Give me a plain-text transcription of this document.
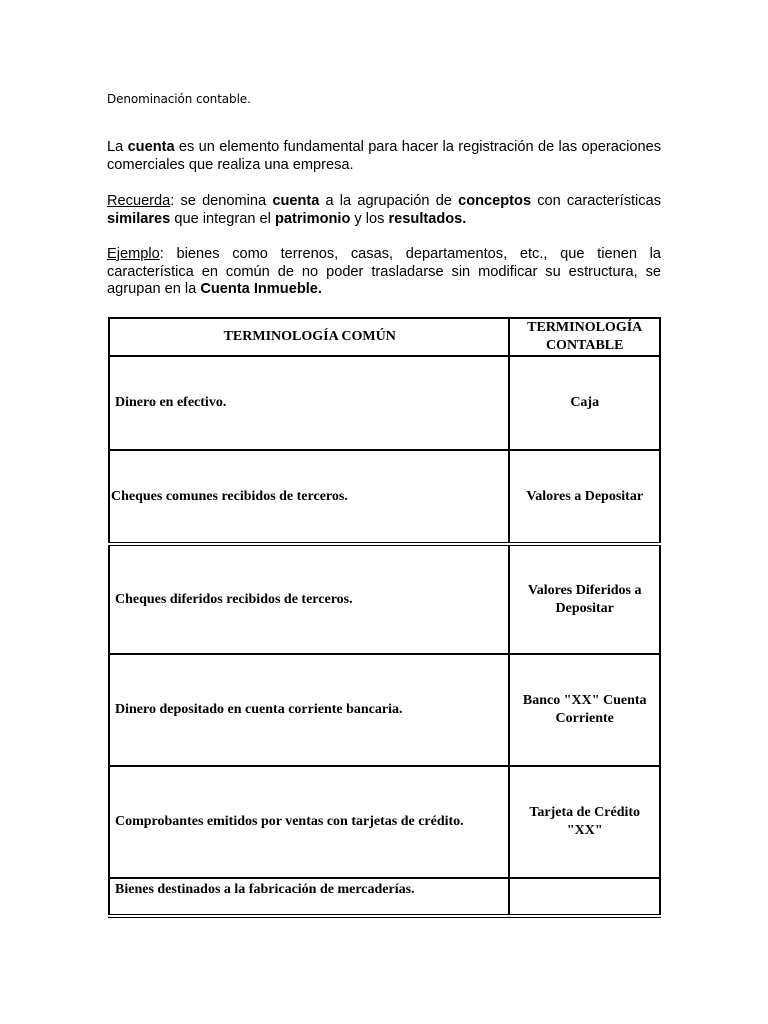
Denominación contable.
La cuenta es un elemento fundamental para hacer la registración de las operaciones comerciales que realiza una empresa.
Recuerda: se denomina cuenta a la agrupación de conceptos con características similares que integran el patrimonio y los resultados.
Ejemplo: bienes como terrenos, casas, departamentos, etc., que tienen la característica en común de no poder trasladarse sin modificar su estructura, se agrupan en la Cuenta Inmueble.
TERMINOLOGÍA COMÚN	TERMINOLOGÍA CONTABLE
Dinero en efectivo.	Caja
Cheques comunes recibidos de terceros.	Valores a Depositar
Cheques diferidos recibidos de terceros.	Valores Diferidos a Depositar
Dinero depositado en cuenta corriente bancaria.	Banco "XX" Cuenta Corriente
Comprobantes emitidos por ventas con tarjetas de crédito.	Tarjeta de Crédito "XX"
Bienes destinados a la fabricación de mercaderías.	
